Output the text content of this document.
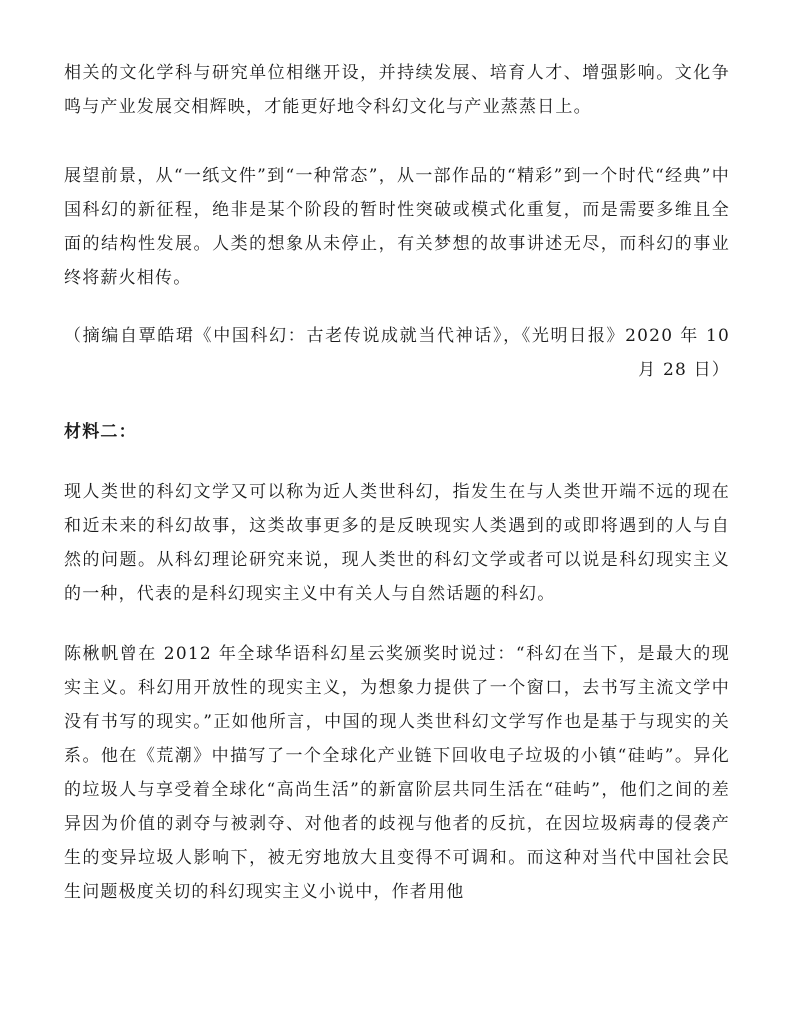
相关的文化学科与研究单位相继开设，并持续发展、培育人才、增强影响。文化争鸣与产业发展交相辉映，才能更好地令科幻文化与产业蒸蒸日上。

展望前景，从“一纸文件”到“一种常态”，从一部作品的“精彩”到一个时代“经典”中国科幻的新征程，绝非是某个阶段的暂时性突破或模式化重复，而是需要多维且全面的结构性发展。人类的想象从未停止，有关梦想的故事讲述无尽，而科幻的事业终将薪火相传。

（摘编自覃皓珺《中国科幻：古老传说成就当代神话》，《光明日报》2020 年 10 月 28 日）

材料二：

现人类世的科幻文学又可以称为近人类世科幻，指发生在与人类世开端不远的现在和近未来的科幻故事，这类故事更多的是反映现实人类遇到的或即将遇到的人与自然的问题。从科幻理论研究来说，现人类世的科幻文学或者可以说是科幻现实主义的一种，代表的是科幻现实主义中有关人与自然话题的科幻。

陈楸帆曾在 2012 年全球华语科幻星云奖颁奖时说过：“科幻在当下，是最大的现实主义。科幻用开放性的现实主义，为想象力提供了一个窗口，去书写主流文学中没有书写的现实。”正如他所言，中国的现人类世科幻文学写作也是基于与现实的关系。他在《荒潮》中描写了一个全球化产业链下回收电子垃圾的小镇“硅屿”。异化的垃圾人与享受着全球化“高尚生活”的新富阶层共同生活在“硅屿”，他们之间的差异因为价值的剥夺与被剥夺、对他者的歧视与他者的反抗，在因垃圾病毒的侵袭产生的变异垃圾人影响下，被无穷地放大且变得不可调和。而这种对当代中国社会民生问题极度关切的科幻现实主义小说中，作者用他
